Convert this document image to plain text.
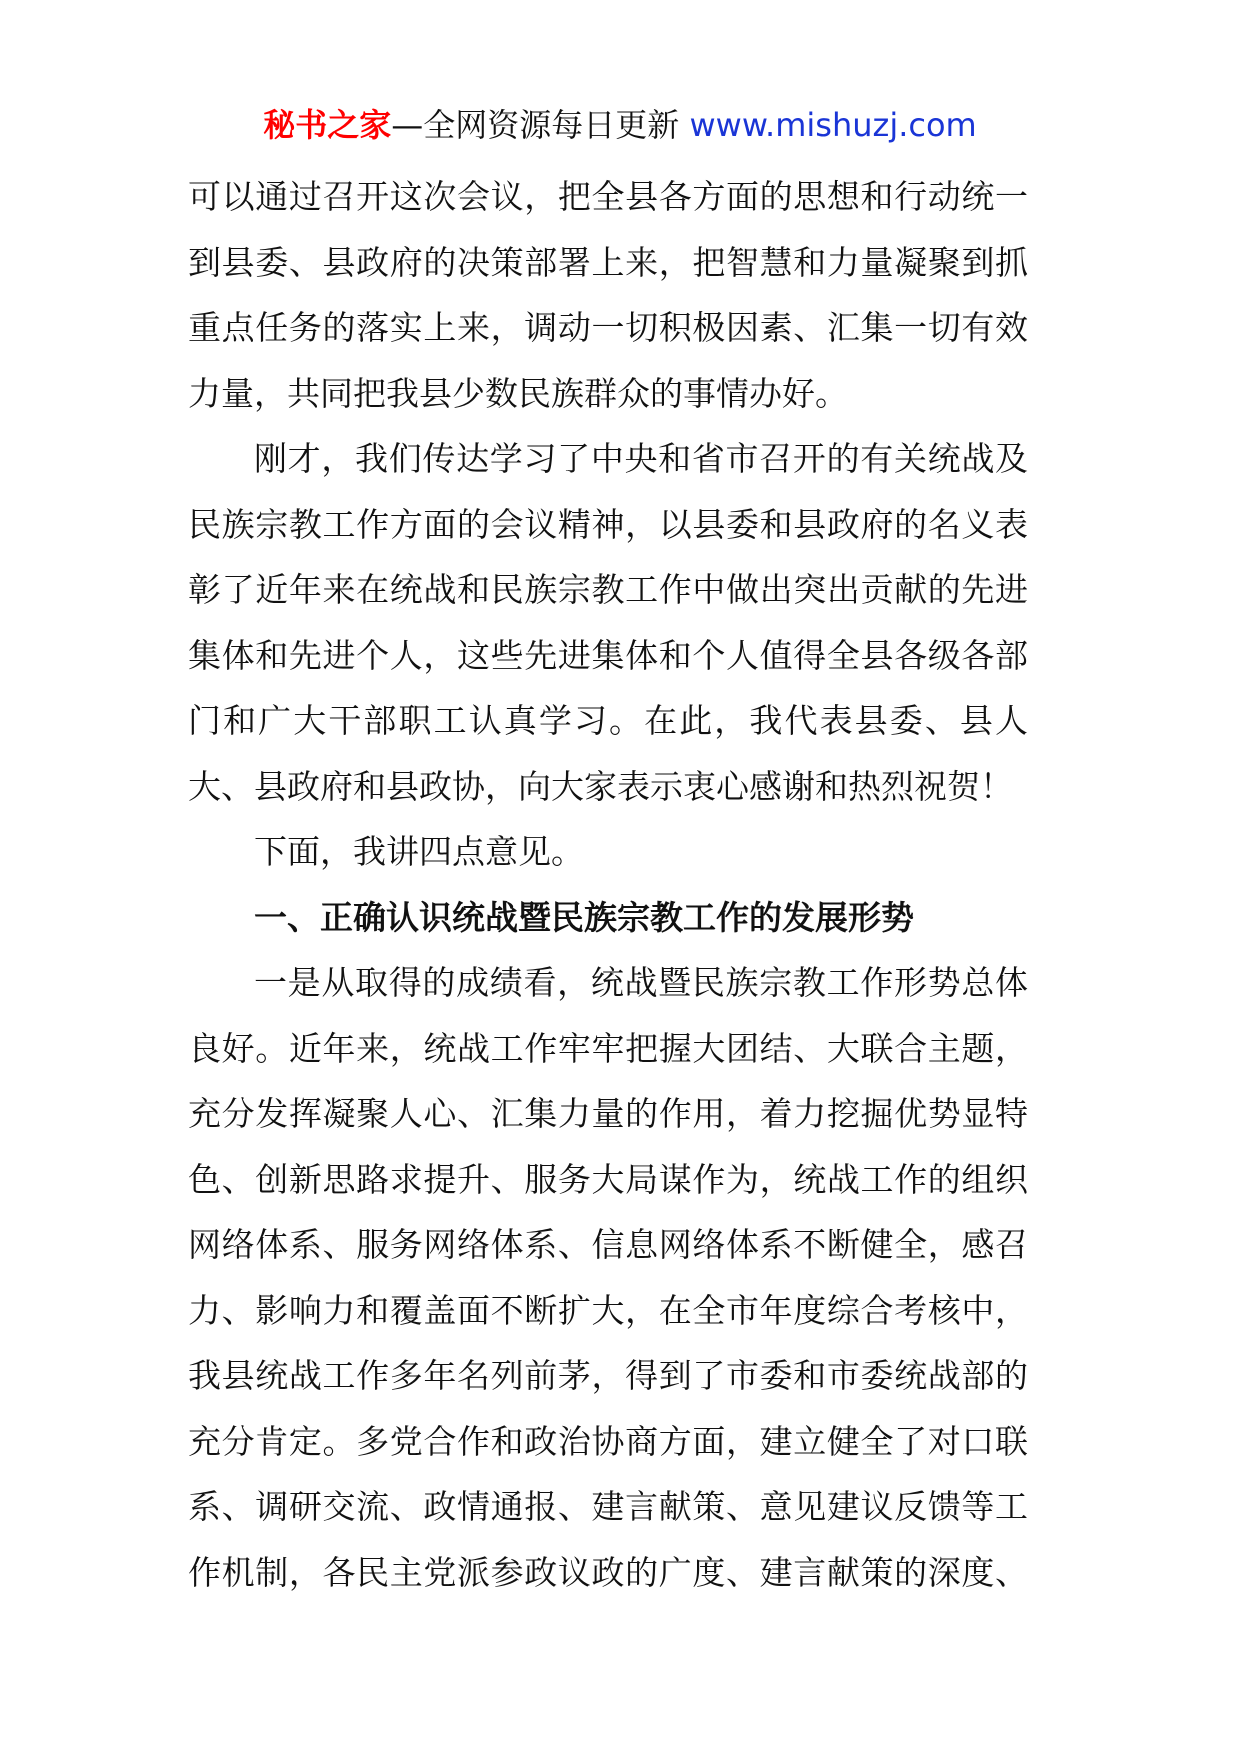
秘书之家—全网资源每日更新 www.mishuzj.com
可以通过召开这次会议，把全县各方面的思想和行动统一
到县委、县政府的决策部署上来，把智慧和力量凝聚到抓
重点任务的落实上来，调动一切积极因素、汇集一切有效
力量，共同把我县少数民族群众的事情办好。
刚才，我们传达学习了中央和省市召开的有关统战及
民族宗教工作方面的会议精神，以县委和县政府的名义表
彰了近年来在统战和民族宗教工作中做出突出贡献的先进
集体和先进个人，这些先进集体和个人值得全县各级各部
门和广大干部职工认真学习。在此，我代表县委、县人
大、县政府和县政协，向大家表示衷心感谢和热烈祝贺！
下面，我讲四点意见。
一、正确认识统战暨民族宗教工作的发展形势
一是从取得的成绩看，统战暨民族宗教工作形势总体
良好。近年来，统战工作牢牢把握大团结、大联合主题，
充分发挥凝聚人心、汇集力量的作用，着力挖掘优势显特
色、创新思路求提升、服务大局谋作为，统战工作的组织
网络体系、服务网络体系、信息网络体系不断健全，感召
力、影响力和覆盖面不断扩大，在全市年度综合考核中，
我县统战工作多年名列前茅，得到了市委和市委统战部的
充分肯定。多党合作和政治协商方面，建立健全了对口联
系、调研交流、政情通报、建言献策、意见建议反馈等工
作机制，各民主党派参政议政的广度、建言献策的深度、
